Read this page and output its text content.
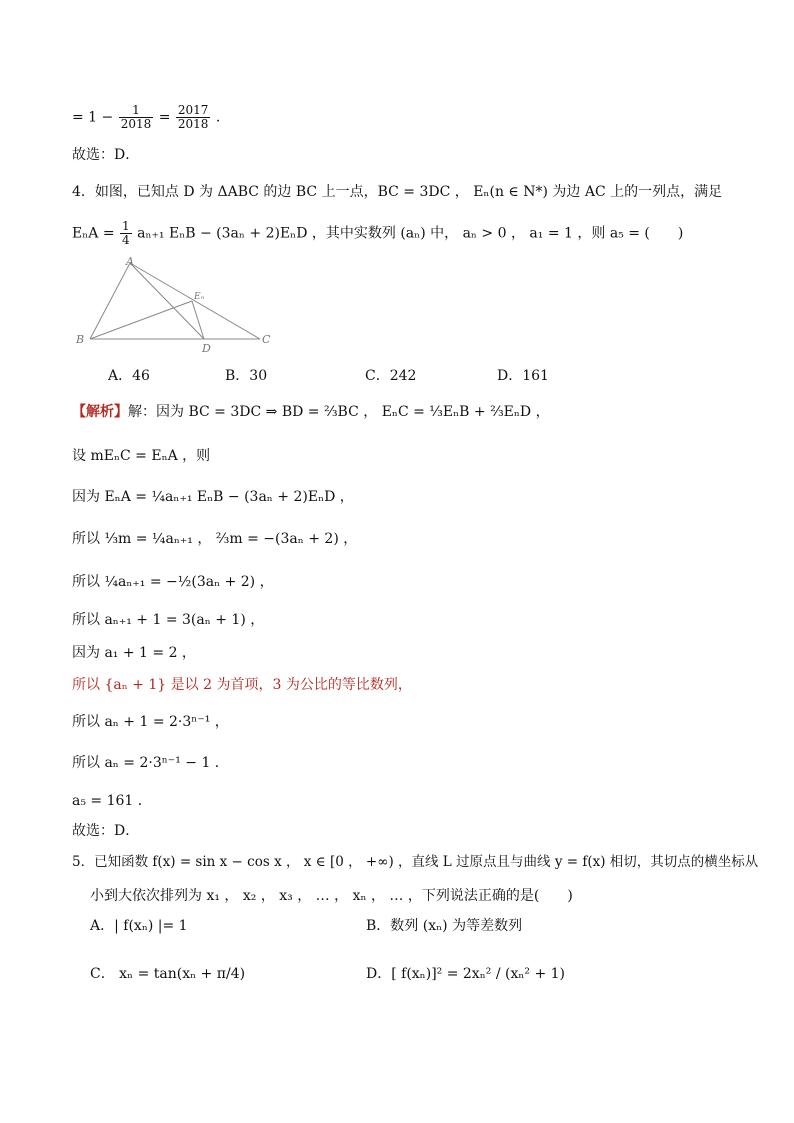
= $1 - \frac{1}{2018} = \frac{2017}{2018}$ .
故选：D．
4．如图，已知点 D 为 ΔABC 的边 BC 上一点，BC = 3DC ， Eₙ(n ∈ N*) 为边 AC 上的一列点，满足
$E_nA = \frac{1}{4} a_{n+1}$ EₙB − (3aₙ + 2)EₙD ，其中实数列 (aₙ) 中， aₙ > 0 ， a₁ = 1 ，则 a₅ = (　　)
A
B	C
D
Eₙ
A．46	B．30	C．242	D．161
【解析】解：因为 BC = 3DC ⇒ BD = ⅔BC ， EₙC = ⅓EₙB + ⅔EₙD ，
设 mEₙC = EₙA ，则
因为 EₙA = ¼aₙ₊₁ EₙB − (3aₙ + 2)EₙD ，
所以 ⅓m = ¼aₙ₊₁ ， ⅔m = −(3aₙ + 2) ，
所以 ¼aₙ₊₁ = −½(3aₙ + 2) ，
所以 aₙ₊₁ + 1 = 3(aₙ + 1) ，
因为 a₁ + 1 = 2 ，
所以 {aₙ + 1} 是以 2 为首项，3 为公比的等比数列，
所以 aₙ + 1 = 2·3ⁿ⁻¹ ，
所以 aₙ = 2·3ⁿ⁻¹ − 1 ．
a₅ = 161 ．
故选：D．
5．已知函数 f(x) = sin x − cos x ， x ∈ [0 ， +∞) ，直线 L 过原点且与曲线 y = f(x) 相切，其切点的横坐标从
小到大依次排列为 x₁ ， x₂ ， x₃ ， … ， xₙ ， … ，下列说法正确的是(　　)
A．| f(xₙ) |= 1	B．数列 (xₙ) 为等差数列
C． xₙ = tan(xₙ + π/4)	D．[ f(xₙ)]² = 2xₙ² / (xₙ² + 1)
